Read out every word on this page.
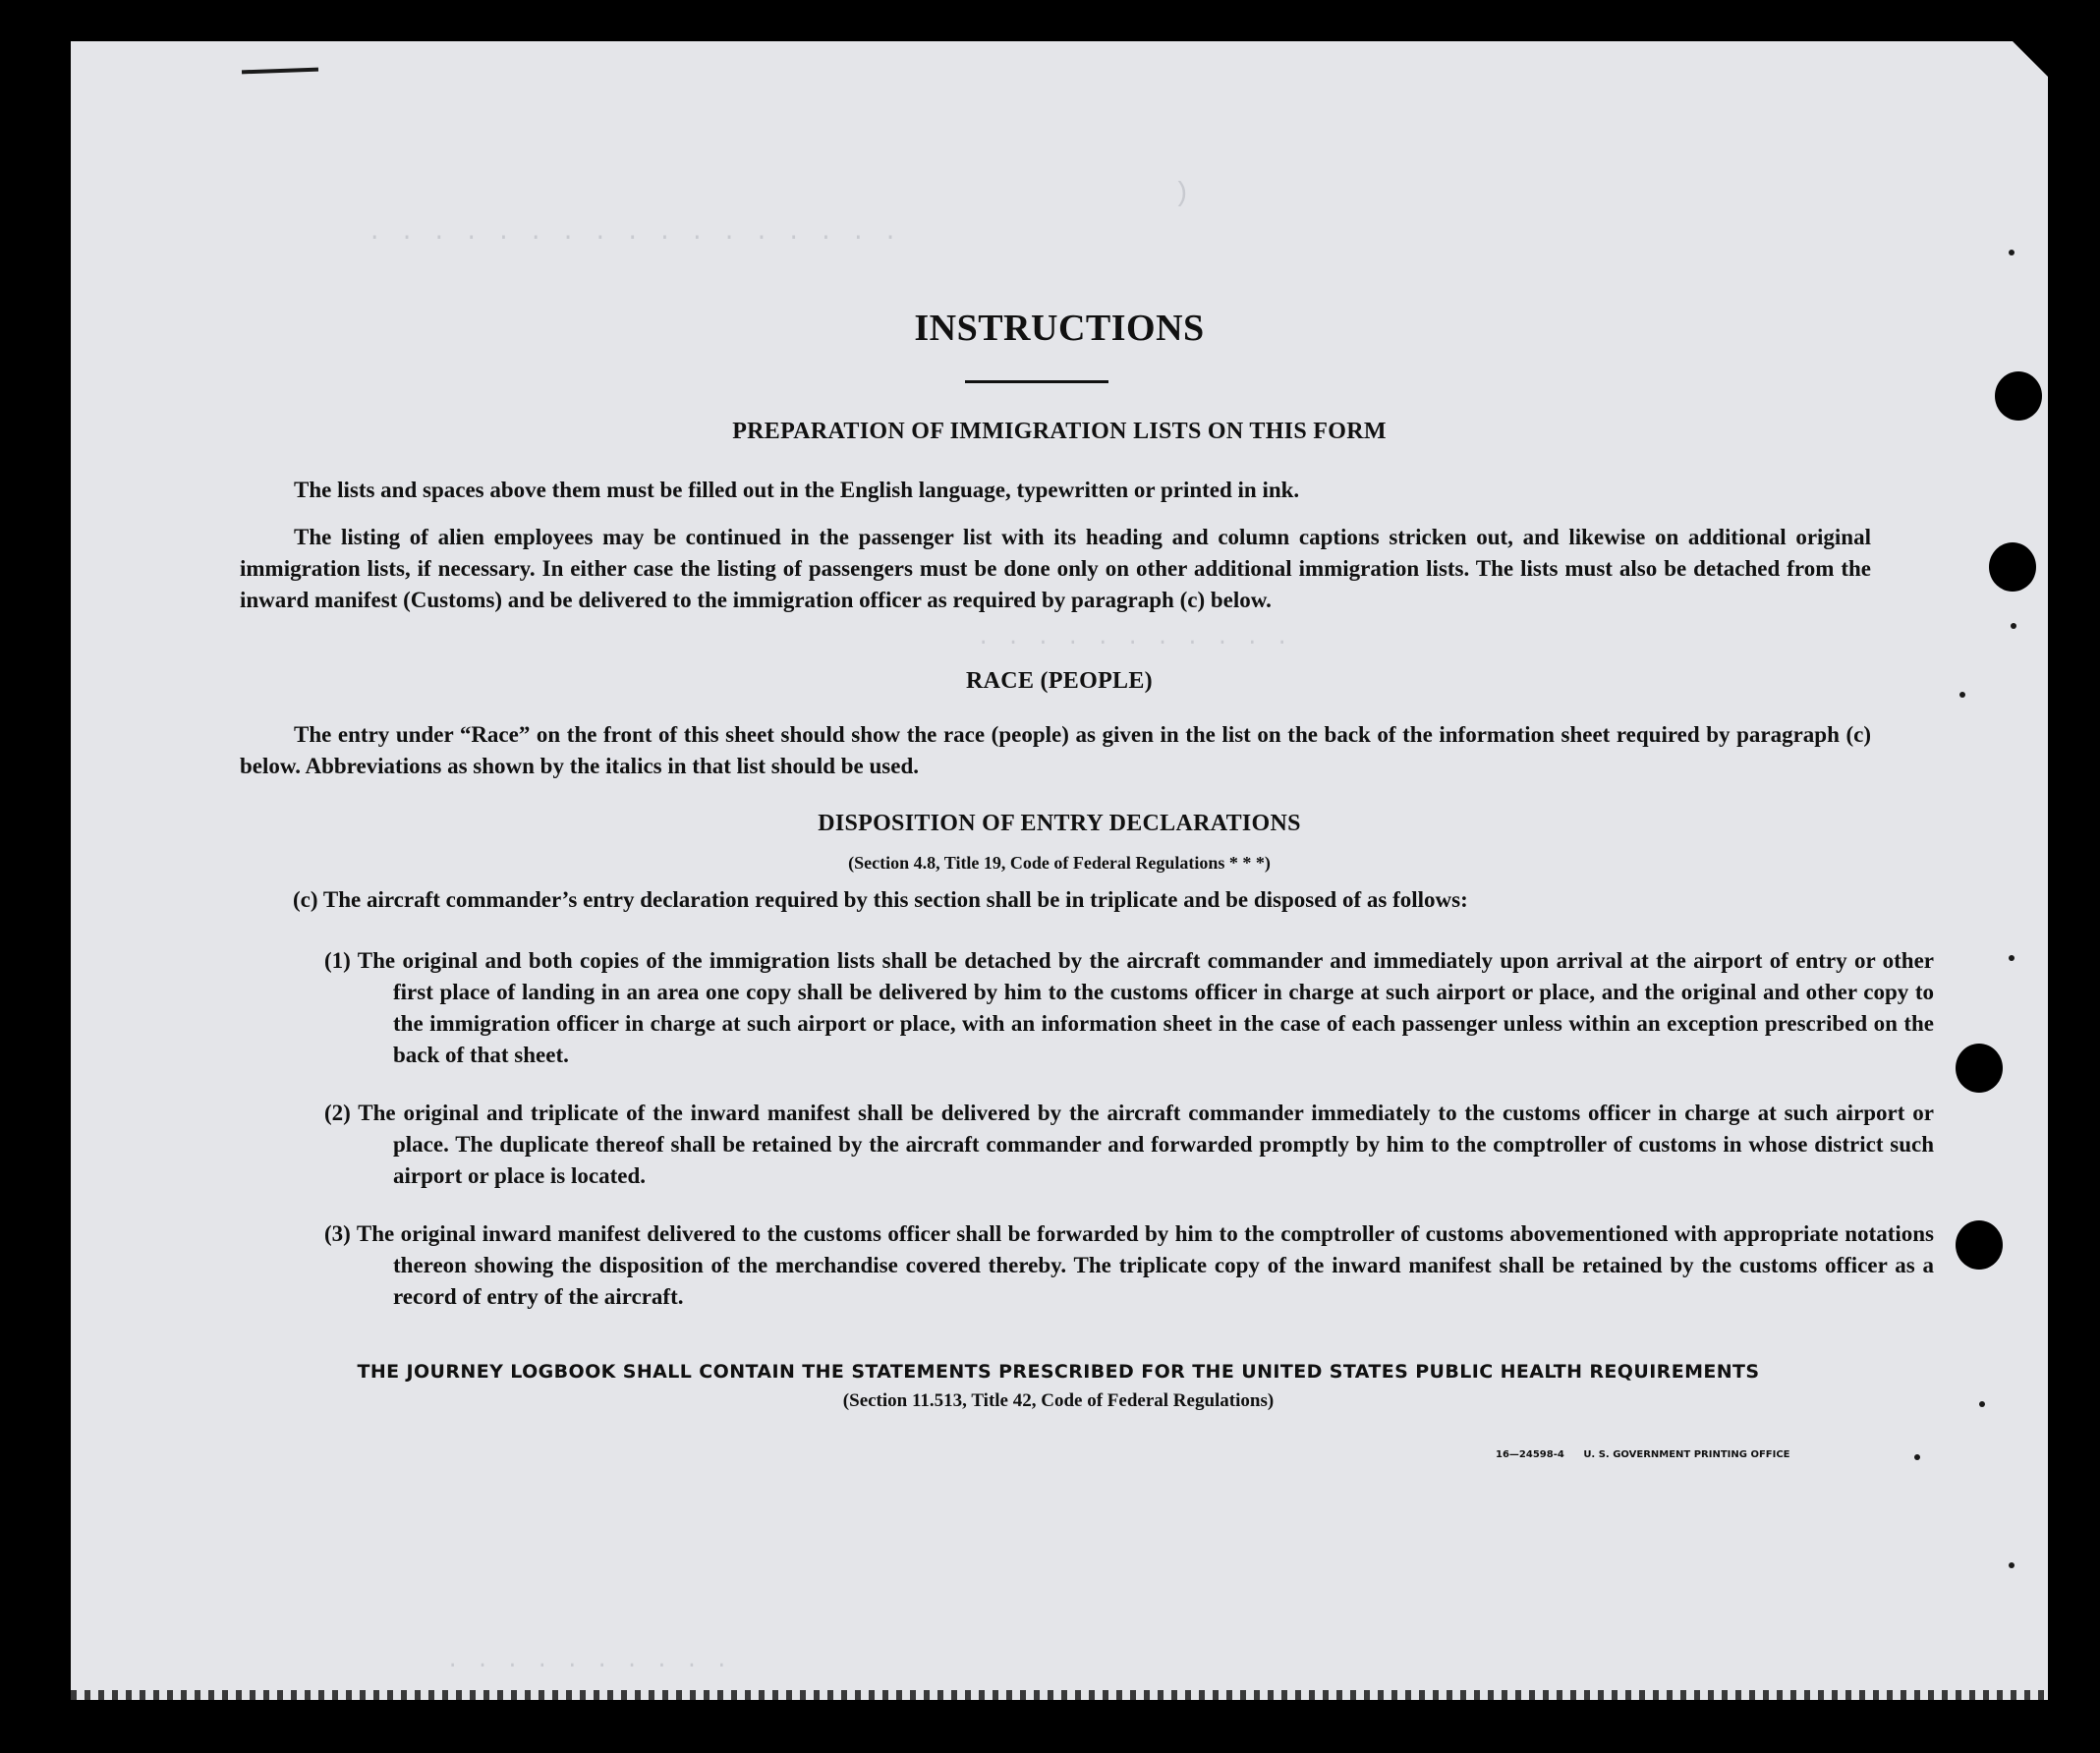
(
. . . . . . . . . . . . . . . . .
. . . . . . . . . . .
. . . . . . . . . .
INSTRUCTIONS
PREPARATION OF IMMIGRATION LISTS ON THIS FORM

The lists and spaces above them must be filled out in the English language, typewritten or printed in ink.

The listing of alien employees may be continued in the passenger list with its heading and column captions stricken out, and likewise on additional original immigration lists, if necessary. In either case the listing of passengers must be done only on other additional immigration lists. The lists must also be detached from the inward manifest (Customs) and be delivered to the immigration officer as required by paragraph (c) below.

RACE (PEOPLE)

The entry under “Race” on the front of this sheet should show the race (people) as given in the list on the back of the information sheet required by paragraph (c) below. Abbreviations as shown by the italics in that list should be used.

DISPOSITION OF ENTRY DECLARATIONS
(Section 4.8, Title 19, Code of Federal Regulations * * *)

(c) The aircraft commander’s entry declaration required by this section shall be in triplicate and be disposed of as follows:

(1) The original and both copies of the immigration lists shall be detached by the aircraft commander and immediately upon arrival at the airport of entry or other first place of landing in an area one copy shall be delivered by him to the customs officer in charge at such airport or place, and the original and other copy to the immigration officer in charge at such airport or place, with an information sheet in the case of each passenger unless within an exception prescribed on the back of that sheet.

(2) The original and triplicate of the inward manifest shall be delivered by the aircraft commander immediately to the customs officer in charge at such airport or place. The duplicate thereof shall be retained by the aircraft commander and forwarded promptly by him to the comptroller of customs in whose district such airport or place is located.

(3) The original inward manifest delivered to the customs officer shall be forwarded by him to the comptroller of customs abovementioned with appropriate notations thereon showing the disposition of the merchandise covered thereby. The triplicate copy of the inward manifest shall be retained by the customs officer as a record of entry of the aircraft.

THE JOURNEY LOGBOOK SHALL CONTAIN THE STATEMENTS PRESCRIBED FOR THE UNITED STATES PUBLIC HEALTH REQUIREMENTS
(Section 11.513, Title 42, Code of Federal Regulations)
16—24598-4 U. S. GOVERNMENT PRINTING OFFICE
